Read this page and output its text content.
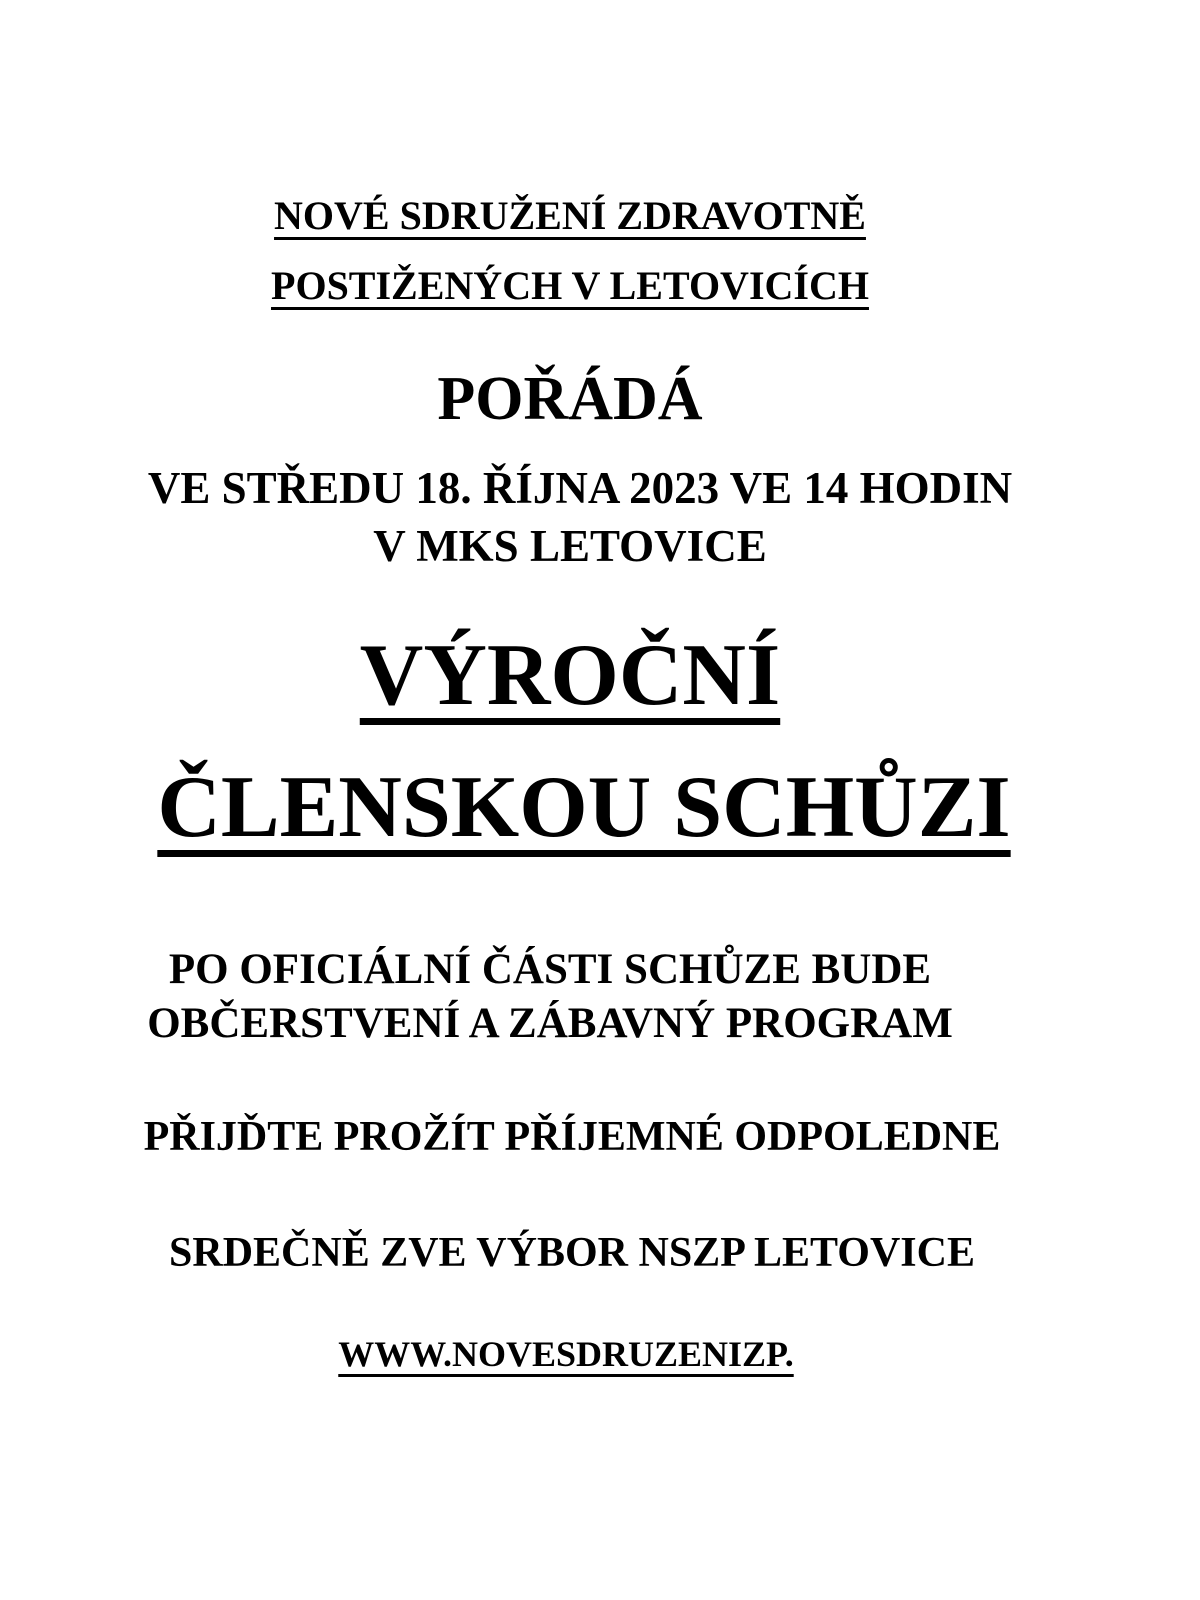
NOVÉ SDRUŽENÍ ZDRAVOTNĚ
POSTIŽENÝCH V LETOVICÍCH
POŘÁDÁ
VE STŘEDU 18. ŘÍJNA 2023 VE 14 HODIN
V MKS LETOVICE
VÝROČNÍ
ČLENSKOU SCHŮZI
PO OFICIÁLNÍ ČÁSTI SCHŮZE BUDE
OBČERSTVENÍ A ZÁBAVNÝ PROGRAM
PŘIJĎTE PROŽÍT PŘÍJEMNÉ ODPOLEDNE
SRDEČNĚ ZVE VÝBOR NSZP LETOVICE
WWW.NOVESDRUZENIZP.
